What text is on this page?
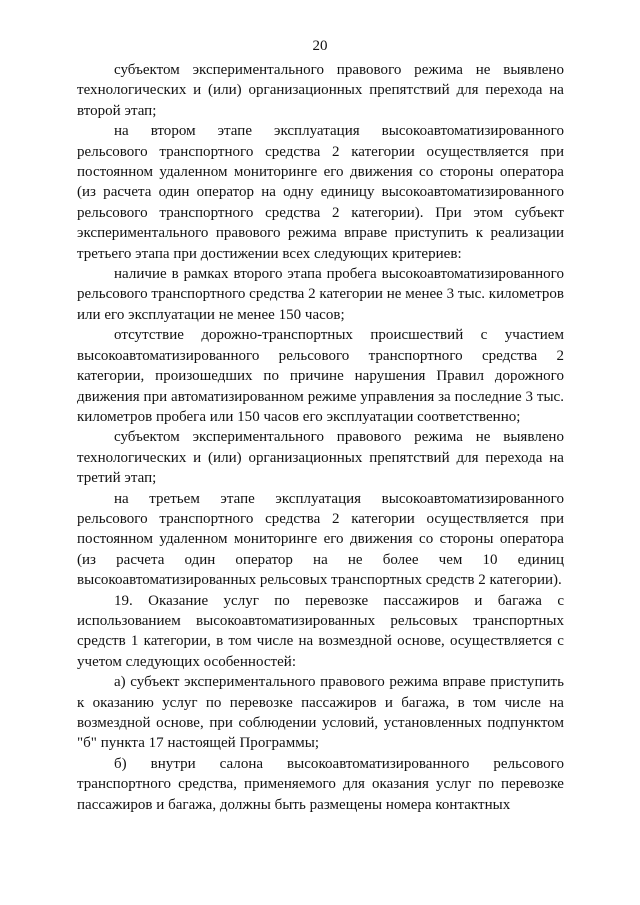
20

субъектом экспериментального правового режима не выявлено технологических и (или) организационных препятствий для перехода на второй этап;

на втором этапе эксплуатация высокоавтоматизированного рельсового транспортного средства 2 категории осуществляется при постоянном удаленном мониторинге его движения со стороны оператора (из расчета один оператор на одну единицу высокоавтоматизированного рельсового транспортного средства 2 категории). При этом субъект экспериментального правового режима вправе приступить к реализации третьего этапа при достижении всех следующих критериев:

наличие в рамках второго этапа пробега высокоавтоматизированного рельсового транспортного средства 2 категории не менее 3 тыс. километров или его эксплуатации не менее 150 часов;

отсутствие дорожно-транспортных происшествий с участием высокоавтоматизированного рельсового транспортного средства 2 категории, произошедших по причине нарушения Правил дорожного движения при автоматизированном режиме управления за последние 3 тыс. километров пробега или 150 часов его эксплуатации соответственно;

субъектом экспериментального правового режима не выявлено технологических и (или) организационных препятствий для перехода на третий этап;

на третьем этапе эксплуатация высокоавтоматизированного рельсового транспортного средства 2 категории осуществляется при постоянном удаленном мониторинге его движения со стороны оператора (из расчета один оператор на не более чем 10 единиц высокоавтоматизированных рельсовых транспортных средств 2 категории).

19. Оказание услуг по перевозке пассажиров и багажа с использованием высокоавтоматизированных рельсовых транспортных средств 1 категории, в том числе на возмездной основе, осуществляется с учетом следующих особенностей:

а) субъект экспериментального правового режима вправе приступить к оказанию услуг по перевозке пассажиров и багажа, в том числе на возмездной основе, при соблюдении условий, установленных подпунктом "б" пункта 17 настоящей Программы;

б) внутри салона высокоавтоматизированного рельсового транспортного средства, применяемого для оказания услуг по перевозке пассажиров и багажа, должны быть размещены номера контактных
